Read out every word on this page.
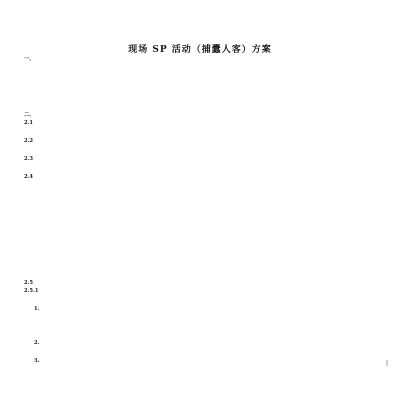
现场 SP 活动（捕蠹人客）方案
一、
二、
2.1
2.2
2.3
2.4
2.5
2.5.1
1.
2.
3.
